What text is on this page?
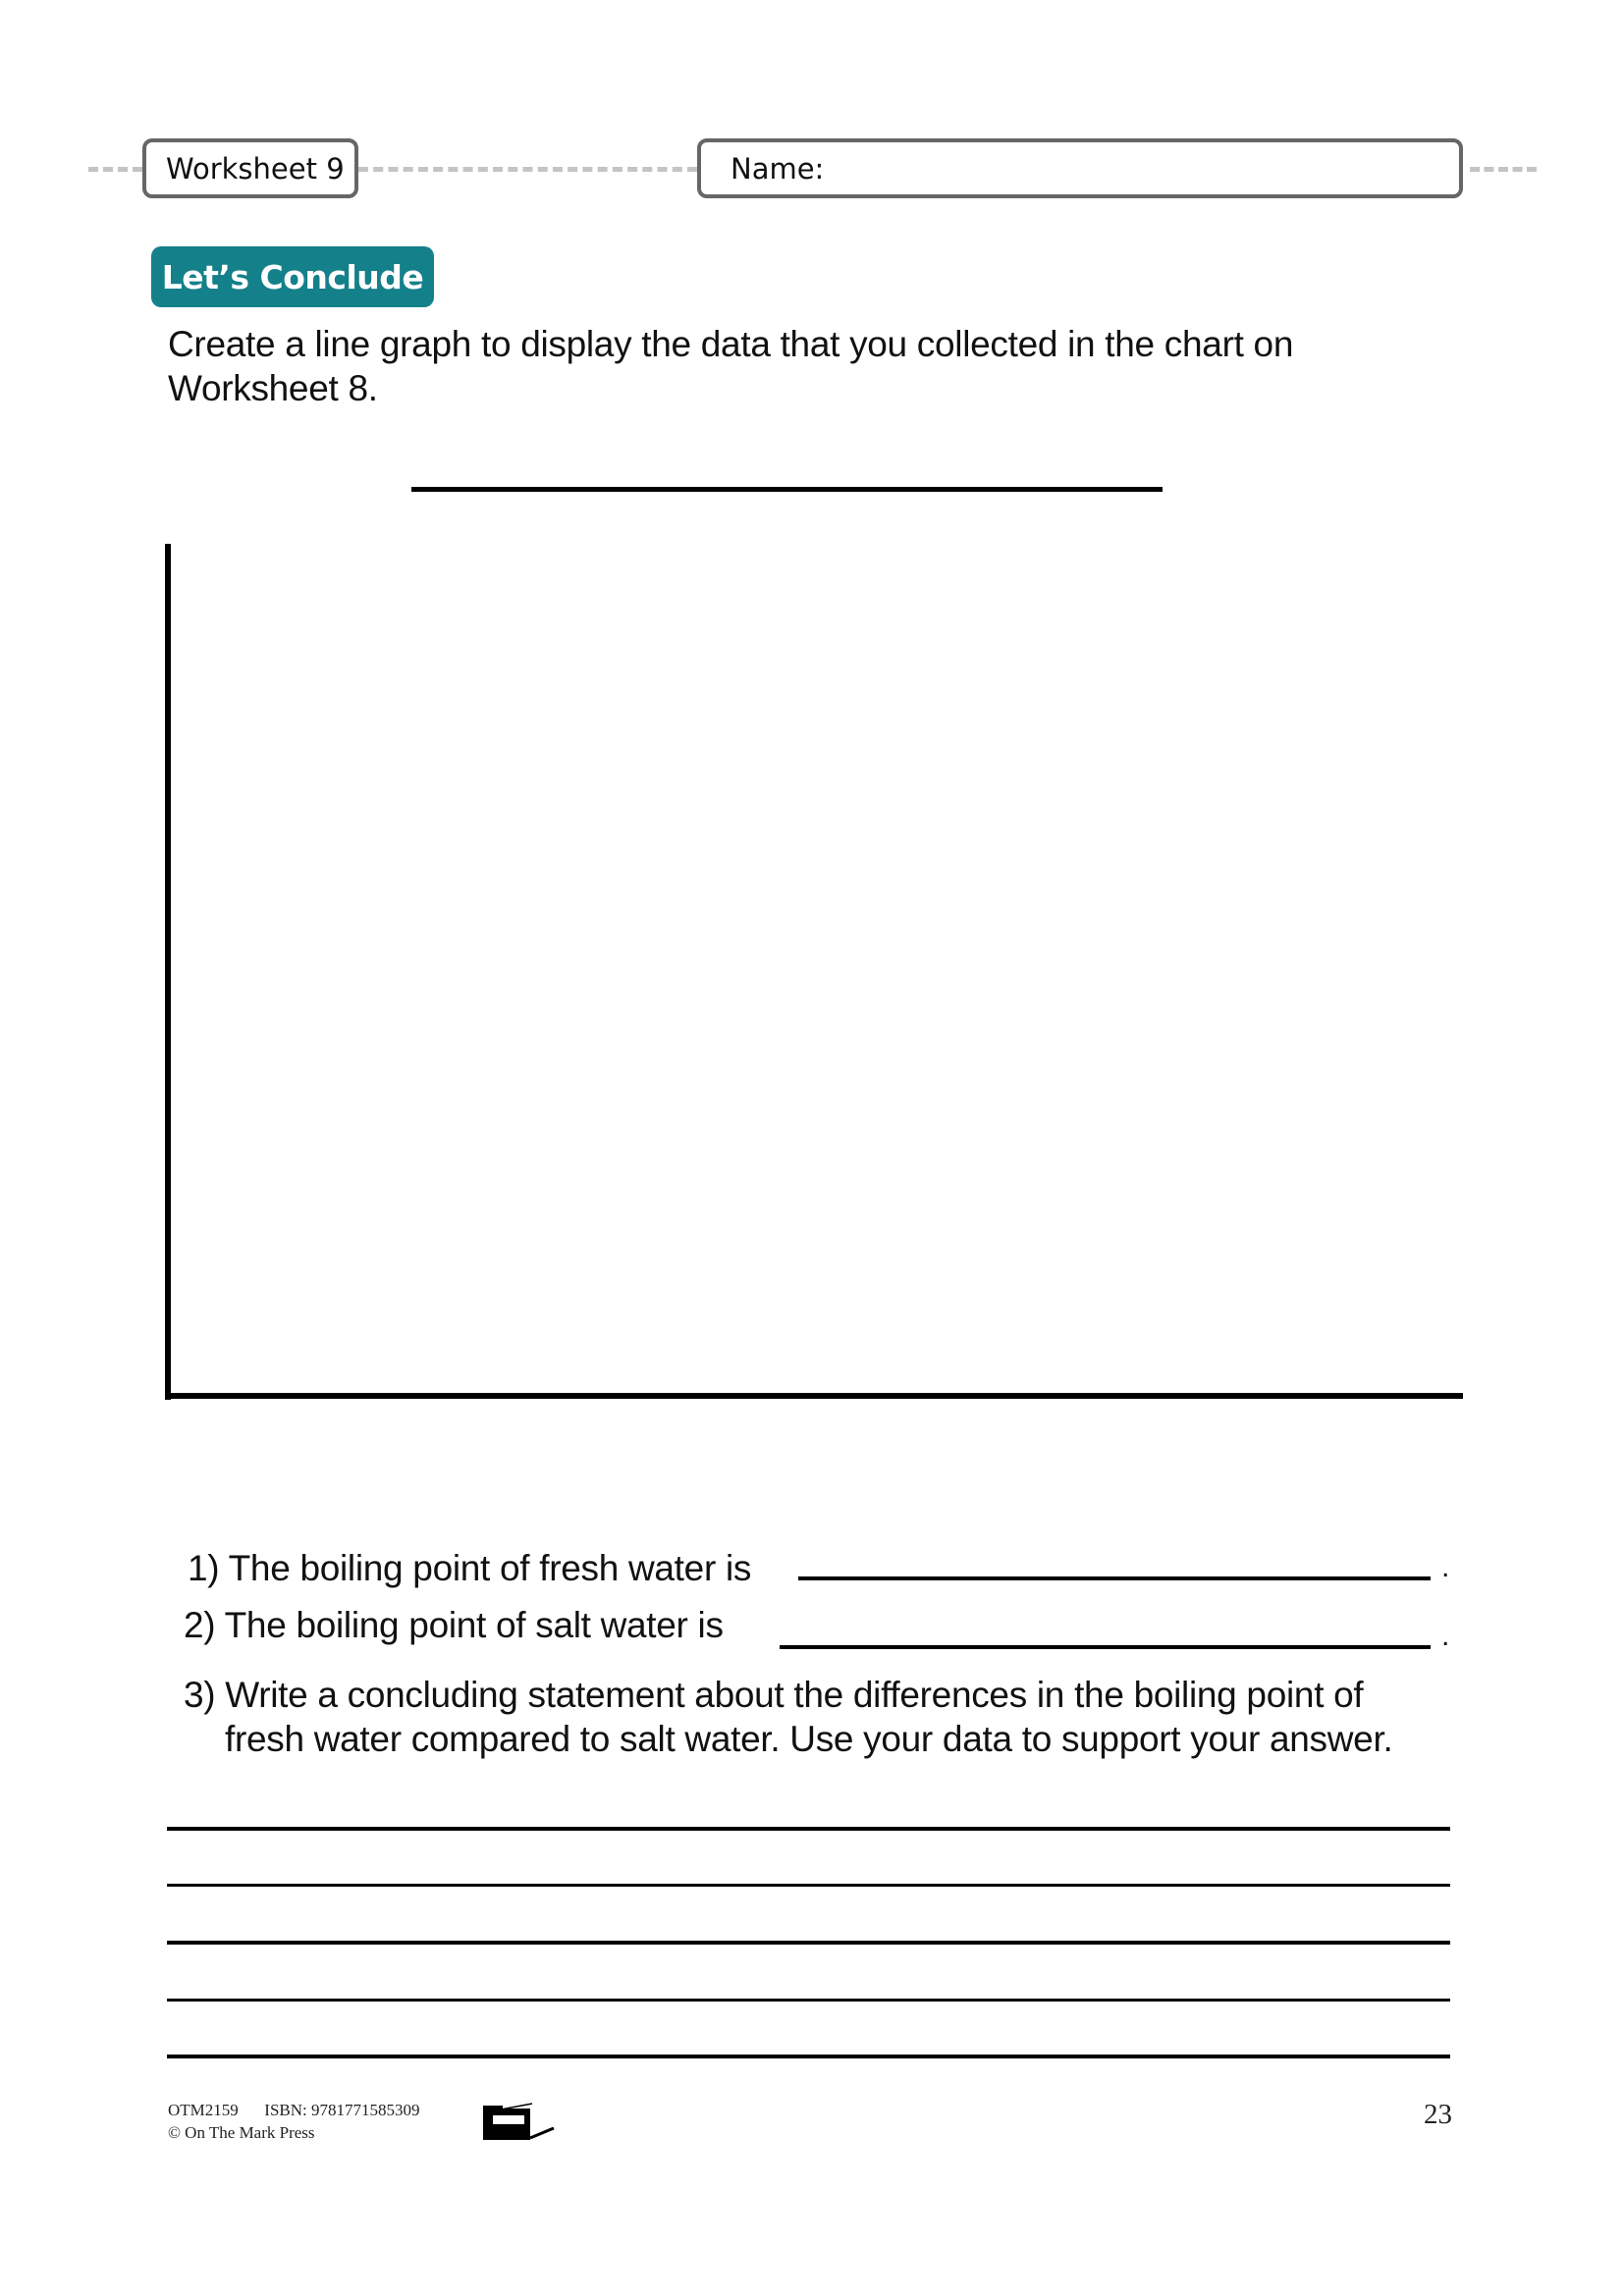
Worksheet 9	Name:
Let’s Conclude
Create a line graph to display the data that you collected in the chart on Worksheet 8.
1) The boiling point of fresh water is	.
2) The boiling point of salt water is	.
3) Write a concluding statement about the differences in the boiling point of
fresh water compared to salt water. Use your data to support your answer.
OTM2159 ISBN: 9781771585309
© On The Mark Press
23
